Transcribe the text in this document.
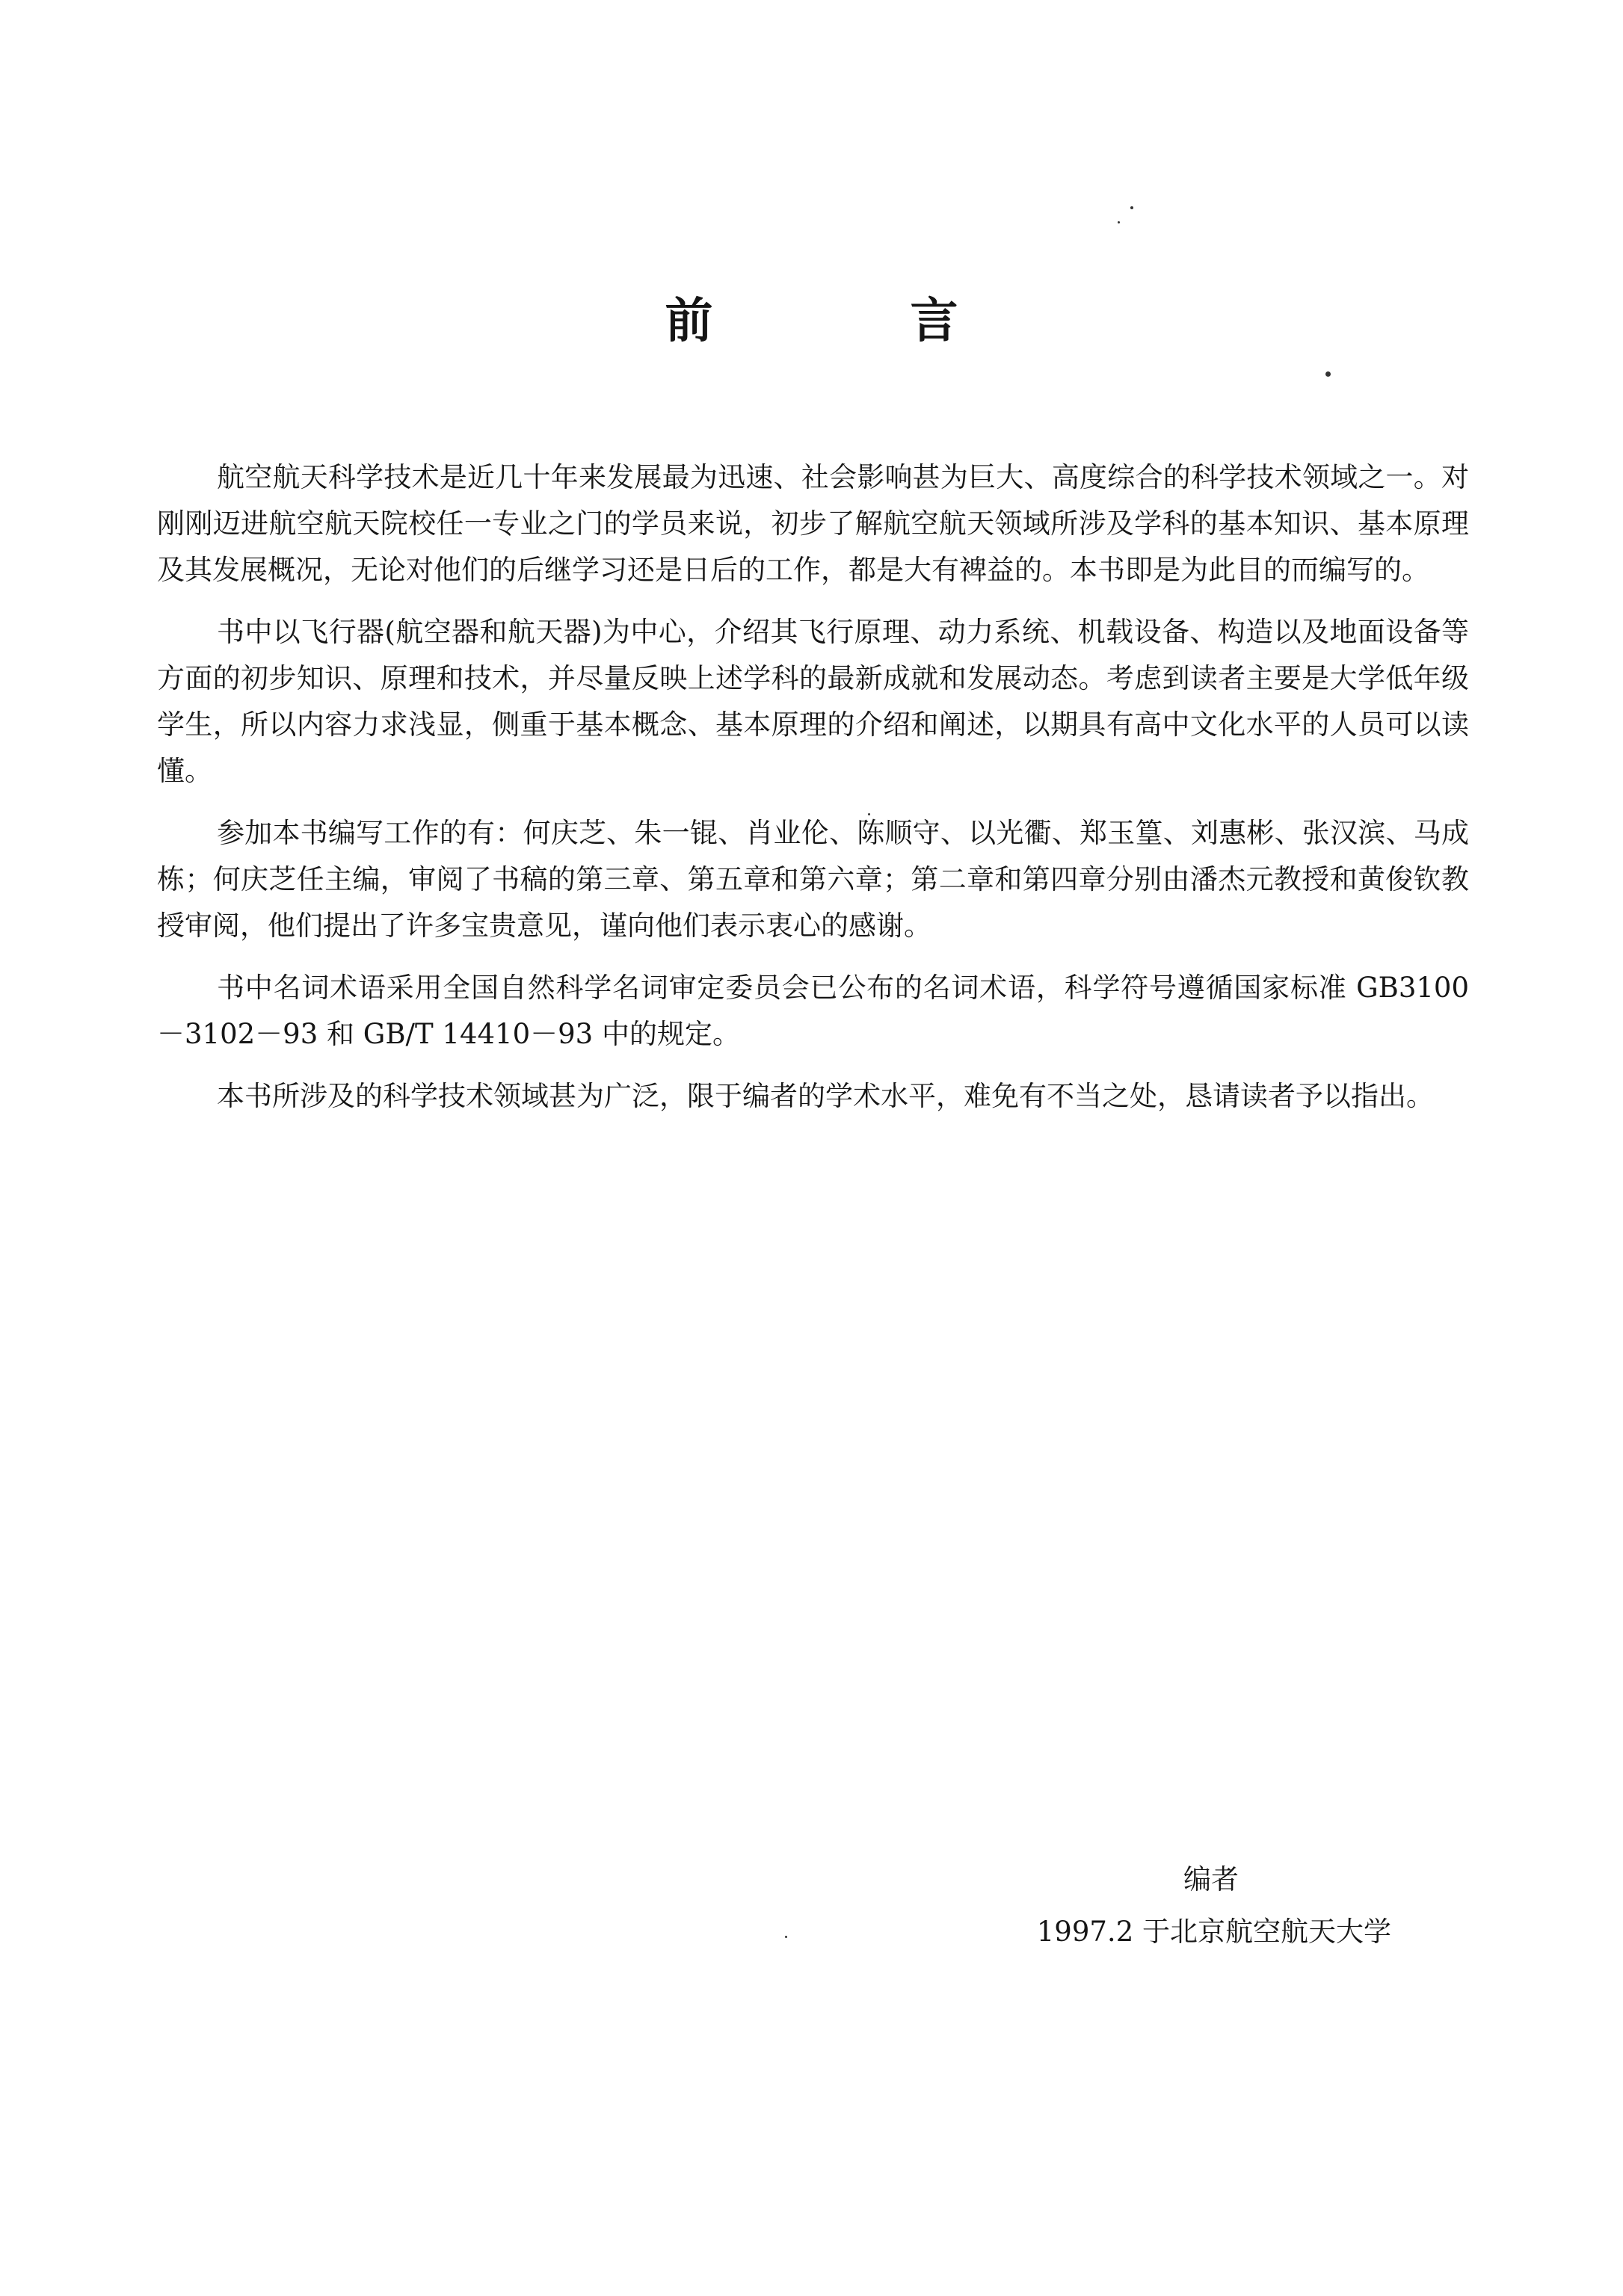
前　言

航空航天科学技术是近几十年来发展最为迅速、社会影响甚为巨大、高度综合的科学技术领域之一。对刚刚迈进航空航天院校任一专业之门的学员来说，初步了解航空航天领域所涉及学科的基本知识、基本原理及其发展概况，无论对他们的后继学习还是日后的工作，都是大有裨益的。本书即是为此目的而编写的。

书中以飞行器(航空器和航天器)为中心，介绍其飞行原理、动力系统、机载设备、构造以及地面设备等方面的初步知识、原理和技术，并尽量反映上述学科的最新成就和发展动态。考虑到读者主要是大学低年级学生，所以内容力求浅显，侧重于基本概念、基本原理的介绍和阐述，以期具有高中文化水平的人员可以读懂。

参加本书编写工作的有：何庆芝、朱一锟、肖业伦、陈顺守、以光衢、郑玉篁、刘惠彬、张汉滨、马成栋；何庆芝任主编，审阅了书稿的第三章、第五章和第六章；第二章和第四章分别由潘杰元教授和黄俊钦教授审阅，他们提出了许多宝贵意见，谨向他们表示衷心的感谢。

书中名词术语采用全国自然科学名词审定委员会已公布的名词术语，科学符号遵循国家标准 GB3100－3102－93 和 GB/T 14410－93 中的规定。

本书所涉及的科学技术领域甚为广泛，限于编者的学术水平，难免有不当之处，恳请读者予以指出。

编者
1997.2 于北京航空航天大学
